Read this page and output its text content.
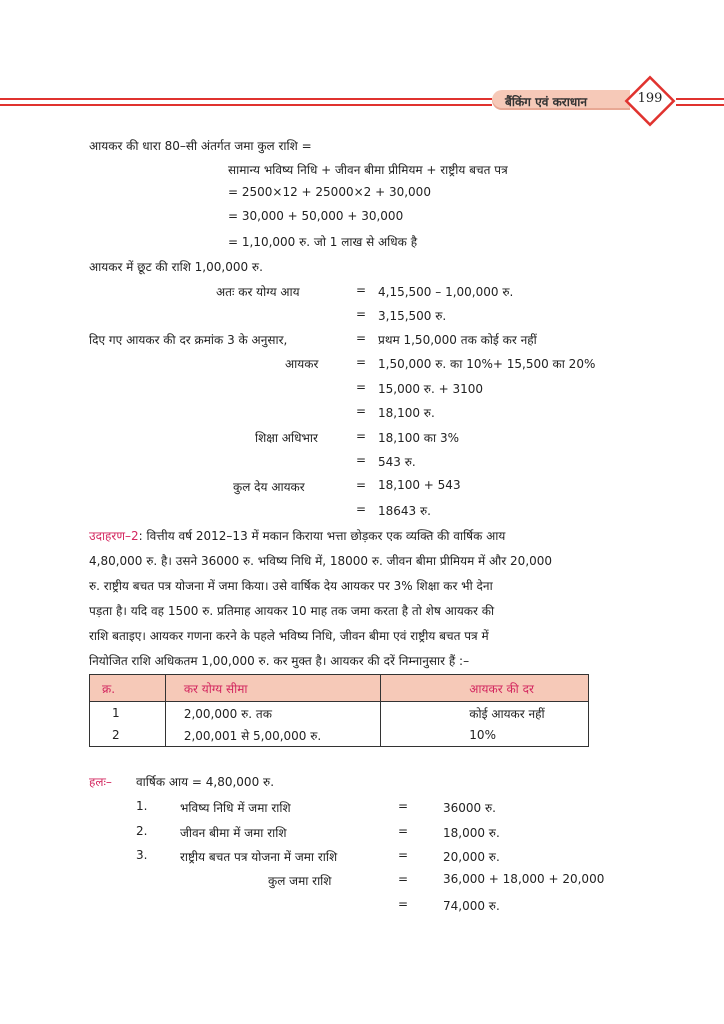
बैंकिंग एवं कराधान	199
आयकर की धारा 80–सी अंतर्गत जमा कुल राशि =
सामान्य भविष्य निधि + जीवन बीमा प्रीमियम + राष्ट्रीय बचत पत्र
= 2500×12 + 25000×2 + 30,000
= 30,000 + 50,000 + 30,000
= 1,10,000 रु. जो 1 लाख से अधिक है
आयकर में छूट की राशि 1,00,000 रु.
अतः कर योग्य आय	= 4,15,500 – 1,00,000 रु.
= 3,15,500 रु.
दिए गए आयकर की दर क्रमांक 3 के अनुसार,	= प्रथम 1,50,000 तक कोई कर नहीं
आयकर	= 1,50,000 रु. का 10%+ 15,500 का 20%
= 15,000 रु. + 3100
= 18,100 रु.
शिक्षा अधिभार	= 18,100 का 3%
= 543 रु.
कुल देय आयकर	= 18,100 + 543
= 18643 रु.
उदाहरण–2: वित्तीय वर्ष 2012–13 में मकान किराया भत्ता छोड़कर एक व्यक्ति की वार्षिक आय
4,80,000 रु. है। उसने 36000 रु. भविष्य निधि में, 18000 रु. जीवन बीमा प्रीमियम में और 20,000
रु. राष्ट्रीय बचत पत्र योजना में जमा किया। उसे वार्षिक देय आयकर पर 3% शिक्षा कर भी देना
पड़ता है। यदि वह 1500 रु. प्रतिमाह आयकर 10 माह तक जमा करता है तो शेष आयकर की
राशि बताइए। आयकर गणना करने के पहले भविष्य निधि, जीवन बीमा एवं राष्ट्रीय बचत पत्र में
नियोजित राशि अधिकतम 1,00,000 रु. कर मुक्त है। आयकर की दरें निम्नानुसार हैं :–
क्र.	कर योग्य सीमा	आयकर की दर
1	2,00,000 रु. तक	कोई आयकर नहीं
2	2,00,001 से 5,00,000 रु.	10%
हलः– वार्षिक आय = 4,80,000 रु.
1.	भविष्य निधि में जमा राशि	=	36000 रु.
2.	जीवन बीमा में जमा राशि	=	18,000 रु.
3.	राष्ट्रीय बचत पत्र योजना में जमा राशि	=	20,000 रु.
कुल जमा राशि	=	36,000 + 18,000 + 20,000
=	74,000 रु.
